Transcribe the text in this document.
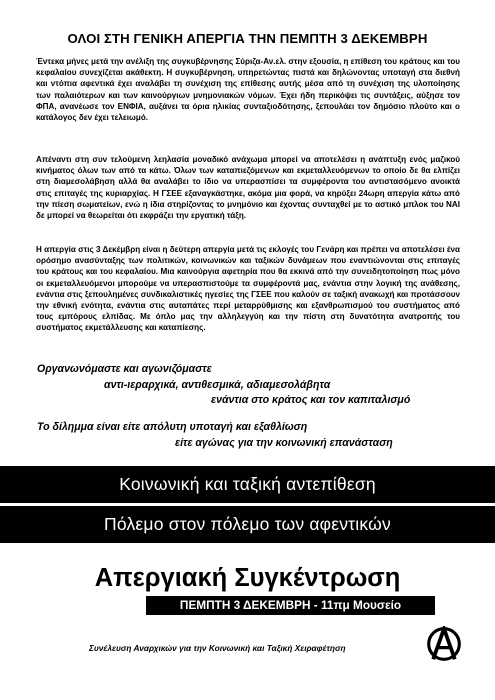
ΟΛΟΙ ΣΤΗ ΓΕΝΙΚΗ ΑΠΕΡΓΙΑ ΤΗΝ ΠΕΜΠΤΗ 3 ΔΕΚΕΜΒΡΗ

Έντεκα μήνες μετά την ανέλιξη της συγκυβέρνησης Σύριζα-Αν.ελ. στην εξουσία, η επίθεση του κράτους και του κεφαλαίου συνεχίζεται ακάθεκτη. Η συγκυβέρνηση, υπηρετώντας πιστά και δηλώνοντας υποταγή στα διεθνή και ντόπια αφεντικά έχει αναλάβει τη συνέχιση της επίθεσης αυτής μέσα από τη συνέχιση της υλοποίησης των παλαιότερων και των καινούργιων μνημονιακών νόμων. Έχει ήδη περικόψει τις συντάξεις, αύξησε τον ΦΠΑ, ανανέωσε τον ΕΝΦΙΑ, αυξάνει τα όρια ηλικίας συνταξιοδότησης, ξεπουλάει τον δημόσιο πλούτο και ο κατάλογος δεν έχει τελειωμό.

Απέναντι στη συν τελούμενη λεηλασία μοναδικό ανάχωμα μπορεί να αποτελέσει η ανάπτυξη ενός μαζικού κινήματος όλων των από τα κάτω. Όλων των καταπιεζόμενων και εκμεταλλευόμενων το οποίο δε θα ελπίζει στη διαμεσολάβηση αλλά θα αναλάβει το ίδιο να υπερασπίσει τα συμφέροντα του αντιστασόμενο ανοικτά στις επιταγές της κυριαρχίας. Η ΓΣΕΕ εξαναγκάστηκε, ακόμα μια φορά, να κηρύξει 24ωρη απεργία κάτω από την πίεση σωματείων, ενώ η ίδια στηρίζοντας το μνημόνιο και έχοντας συνταχθεί με το αστικό μπλοκ του ΝΑΙ δε μπορεί να θεωρείται ότι εκφράζει την εργατική τάξη.

Η απεργία στις 3 Δεκέμβρη είναι η δεύτερη απεργία μετά τις εκλογές του Γενάρη και πρέπει να αποτελέσει ένα ορόσημο ανασύνταξης των πολιτικών, κοινωνικών και ταξικών δυνάμεων που εναντιώνονται στις επιταγές του κράτους και του κεφαλαίου. Μια καινούργια αφετηρία που θα εκκινά από την συνειδητοποίηση πως μόνο οι εκμεταλλευόμενοι μπορούμε να υπερασπιστούμε τα συμφέροντά μας, ενάντια στην λογική της ανάθεσης, ενάντια στις ξεπουλημένες συνδικαλιστικές ηγεσίες της ΓΣΕΕ που καλούν σε ταξική ανακωχή και προτάσσουν την εθνική ενότητα, ενάντια στις αυταπάτες περί μεταρρύθμισης και εξανθρωπισμού του συστήματος από τους εμπόρους ελπίδας. Με όπλο μας την αλληλεγγύη και την πίστη στη δυνατότητα ανατροπής του συστήματος εκμετάλλευσης και καταπίεσης.

Οργανωνόμαστε και αγωνιζόμαστε
αντι-ιεραρχικά, αντιθεσμικά, αδιαμεσολάβητα
ενάντια στο κράτος και τον καπιταλισμό
Το δίλημμα είναι είτε απόλυτη υποταγή και εξαθλίωση
είτε αγώνας για την κοινωνική επανάσταση
Κοινωνική και ταξική αντεπίθεση
Πόλεμο στον πόλεμο των αφεντικών
Απεργιακή Συγκέντρωση
ΠΕΜΠΤΗ 3 ΔΕΚΕΜΒΡΗ - 11πμ Μουσείο
Συνέλευση Αναρχικών για την Κοινωνική και Ταξική Χειραφέτηση
